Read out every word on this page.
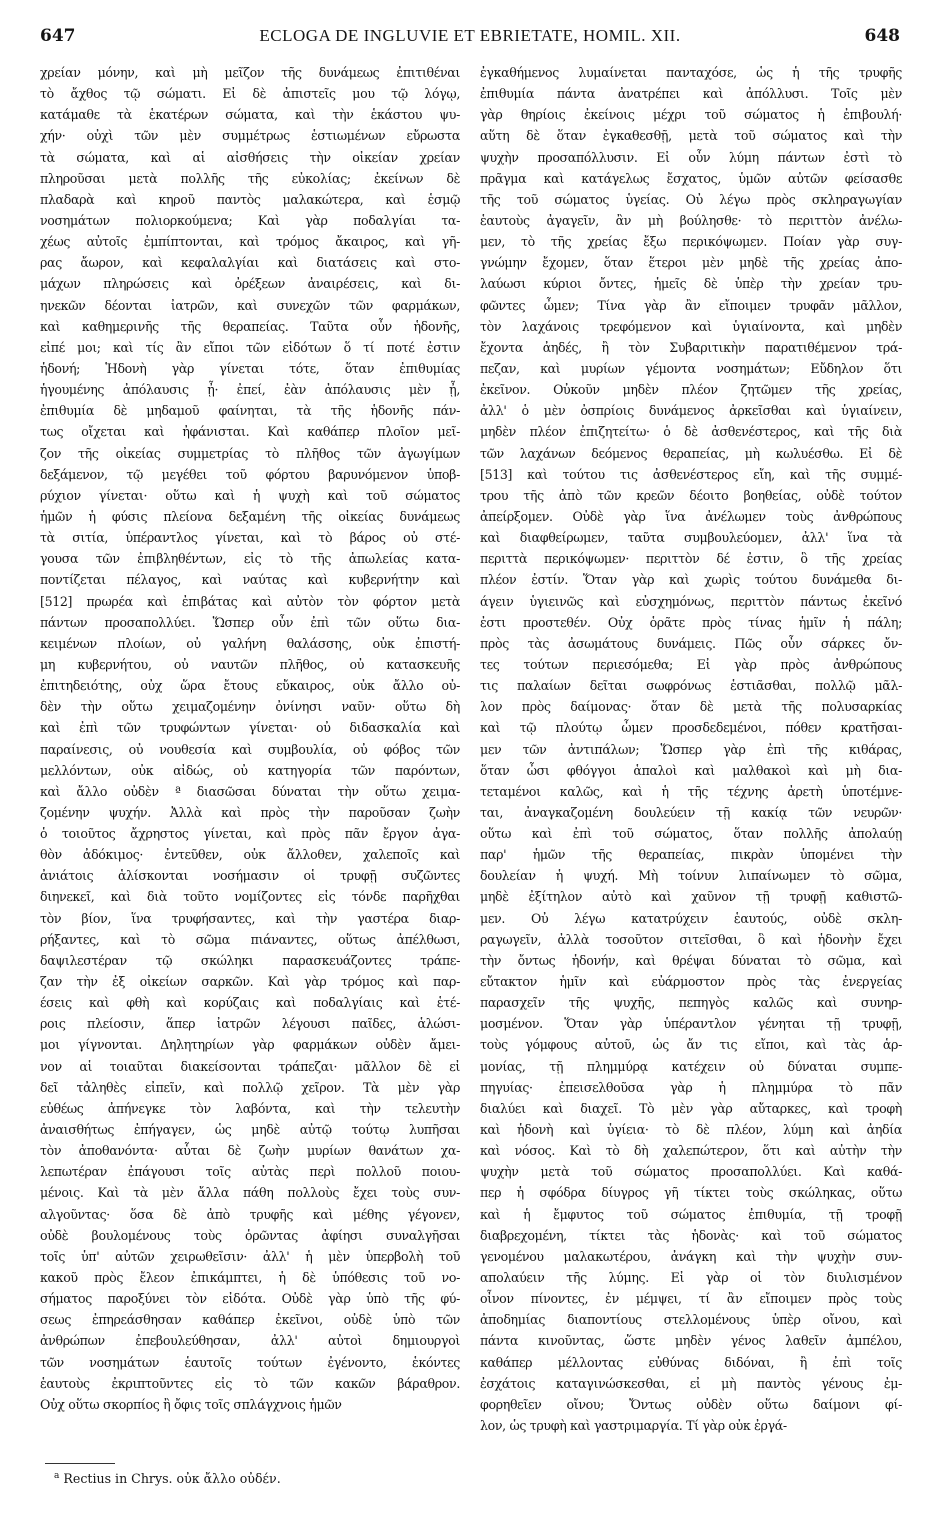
647	ECLOGA DE INGLUVIE ET EBRIETATE, HOMIL. XII.	648
χρείαν μόνην, καὶ μὴ μεῖζον τῆς δυνάμεως ἐπιτιθέναι
τὸ ἄχθος τῷ σώματι. Εἰ δὲ ἀπιστεῖς μου τῷ λόγῳ,
κατάμαθε τὰ ἑκατέρων σώματα, καὶ τὴν ἑκάστου ψυ-
χήν· οὐχὶ τῶν μὲν συμμέτρως ἑστιωμένων εὔρωστα
τὰ σώματα, καὶ αἱ αἰσθήσεις τὴν οἰκείαν χρείαν
πληροῦσαι μετὰ πολλῆς τῆς εὐκολίας; ἐκείνων δὲ
πλαδαρὰ καὶ κηροῦ παντὸς μαλακώτερα, καὶ ἑσμῷ
νοσημάτων πολιορκούμενα; Καὶ γὰρ ποδαλγίαι τα-
χέως αὐτοῖς ἐμπίπτονται, καὶ τρόμος ἄκαιρος, καὶ γῆ-
ρας ἄωρον, καὶ κεφαλαλγίαι καὶ διατάσεις καὶ στο-
μάχων πληρώσεις καὶ ὀρέξεων ἀναιρέσεις, καὶ δι-
ηνεκῶν δέονται ἰατρῶν, καὶ συνεχῶν τῶν φαρμάκων,
καὶ καθημερινῆς τῆς θεραπείας. Ταῦτα οὖν ἡδονῆς,
εἰπέ μοι; καὶ τίς ἂν εἴποι τῶν εἰδότων ὅ τί ποτέ ἐστιν
ἡδονή; Ἡδονὴ γὰρ γίνεται τότε, ὅταν ἐπιθυμίας
ἡγουμένης ἀπόλαυσις ᾖ· ἐπεί, ἐὰν ἀπόλαυσις μὲν ᾖ,
ἐπιθυμία δὲ μηδαμοῦ φαίνηται, τὰ τῆς ἡδονῆς πάν-
τως οἴχεται καὶ ἠφάνισται. Καὶ καθάπερ πλοῖον μεῖ-
ζον τῆς οἰκείας συμμετρίας τὸ πλῆθος τῶν ἀγωγίμων
δεξάμενον, τῷ μεγέθει τοῦ φόρτου βαρυνόμενον ὑποβ-
ρύχιον γίνεται· οὕτω καὶ ἡ ψυχὴ καὶ τοῦ σώματος
ἡμῶν ἡ φύσις πλείονα δεξαμένη τῆς οἰκείας δυνάμεως
τὰ σιτία, ὑπέραντλος γίνεται, καὶ τὸ βάρος οὐ στέ-
γουσα τῶν ἐπιβληθέντων, εἰς τὸ τῆς ἀπωλείας κατα-
ποντίζεται πέλαγος, καὶ ναύτας καὶ κυβερνήτην καὶ
[512] πρωρέα καὶ ἐπιβάτας καὶ αὐτὸν τὸν φόρτον μετὰ
πάντων προσαπολλύει. Ὥσπερ οὖν ἐπὶ τῶν οὕτω δια-
κειμένων πλοίων, οὐ γαλήνη θαλάσσης, οὐκ ἐπιστή-
μη κυβερνήτου, οὐ ναυτῶν πλῆθος, οὐ κατασκευῆς
ἐπιτηδειότης, οὐχ ὥρα ἔτους εὔκαιρος, οὐκ ἄλλο οὐ-
δὲν τὴν οὕτω χειμαζομένην ὀνίνησι ναῦν· οὕτω δὴ
καὶ ἐπὶ τῶν τρυφώντων γίνεται· οὐ διδασκαλία καὶ
παραίνεσις, οὐ νουθεσία καὶ συμβουλία, οὐ φόβος τῶν
μελλόντων, οὐκ αἰδώς, οὐ κατηγορία τῶν παρόντων,
καὶ ἄλλο οὐδὲν ª διασῶσαι δύναται τὴν οὕτω χειμα-
ζομένην ψυχήν. Ἀλλὰ καὶ πρὸς τὴν παροῦσαν ζωὴν
ὁ τοιοῦτος ἄχρηστος γίνεται, καὶ πρὸς πᾶν ἔργον ἀγα-
θὸν ἀδόκιμος· ἐντεῦθεν, οὐκ ἄλλοθεν, χαλεποῖς καὶ
ἀνιάτοις ἁλίσκονται νοσήμασιν οἱ τρυφῇ συζῶντες
διηνεκεῖ, καὶ διὰ τοῦτο νομίζοντες εἰς τόνδε παρῆχθαι
τὸν βίον, ἵνα τρυφήσαντες, καὶ τὴν γαστέρα διαρ-
ρήξαντες, καὶ τὸ σῶμα πιάναντες, οὕτως ἀπέλθωσι,
δαψιλεστέραν τῷ σκώληκι παρασκευάζοντες τράπε-
ζαν τὴν ἐξ οἰκείων σαρκῶν. Καὶ γὰρ τρόμος καὶ παρ-
έσεις καὶ φθὴ καὶ κορύζαις καὶ ποδαλγίαις καὶ ἑτέ-
ροις πλείοσιν, ἅπερ ἰατρῶν λέγουσι παῖδες, ἁλώσι-
μοι γίγνονται. Δηλητηρίων γὰρ φαρμάκων οὐδὲν ἄμει-
νον αἱ τοιαῦται διακείσονται τράπεζαι· μᾶλλον δὲ εἰ
δεῖ τἀληθὲς εἰπεῖν, καὶ πολλῷ χεῖρον. Τὰ μὲν γὰρ
εὐθέως ἀπήνεγκε τὸν λαβόντα, καὶ τὴν τελευτὴν
ἀναισθήτως ἐπήγαγεν, ὡς μηδὲ αὐτῷ τούτῳ λυπῆσαι
τὸν ἀποθανόντα· αὗται δὲ ζωὴν μυρίων θανάτων χα-
λεπωτέραν ἐπάγουσι τοῖς αὐτὰς περὶ πολλοῦ ποιου-
μένοις. Καὶ τὰ μὲν ἄλλα πάθη πολλοὺς ἔχει τοὺς συν-
αλγοῦντας· ὅσα δὲ ἀπὸ τρυφῆς καὶ μέθης γέγονεν,
οὐδὲ βουλομένους τοὺς ὁρῶντας ἀφίησι συναλγῆσαι
τοῖς ὑπ' αὐτῶν χειρωθεῖσιν· ἀλλ' ἡ μὲν ὑπερβολὴ τοῦ
κακοῦ πρὸς ἔλεον ἐπικάμπτει, ἡ δὲ ὑπόθεσις τοῦ νο-
σήματος παροξύνει τὸν εἰδότα. Οὐδὲ γὰρ ὑπὸ τῆς φύ-
σεως ἐπηρεάσθησαν καθάπερ ἐκεῖνοι, οὐδὲ ὑπὸ τῶν
ἀνθρώπων ἐπεβουλεύθησαν, ἀλλ' αὐτοὶ δημιουργοὶ
τῶν νοσημάτων ἑαυτοῖς τούτων ἐγένοντο, ἑκόντες
ἑαυτοὺς ἐκριπτοῦντες εἰς τὸ τῶν κακῶν βάραθρον.
Οὐχ οὕτω σκορπίος ἢ ὄφις τοῖς σπλάγχνοις ἡμῶν
ἐγκαθήμενος λυμαίνεται πανταχόσε, ὡς ἡ τῆς τρυφῆς
ἐπιθυμία πάντα ἀνατρέπει καὶ ἀπόλλυσι. Τοῖς μὲν
γὰρ θηρίοις ἐκείνοις μέχρι τοῦ σώματος ἡ ἐπιβουλή·
αὕτη δὲ ὅταν ἐγκαθεσθῇ, μετὰ τοῦ σώματος καὶ τὴν
ψυχὴν προσαπόλλυσιν. Εἰ οὖν λύμη πάντων ἐστὶ τὸ
πρᾶγμα καὶ κατάγελως ἔσχατος, ὑμῶν αὐτῶν φείσασθε
τῆς τοῦ σώματος ὑγείας. Οὐ λέγω πρὸς σκληραγωγίαν
ἑαυτοὺς ἀγαγεῖν, ἂν μὴ βούλησθε· τὸ περιττὸν ἀνέλω-
μεν, τὸ τῆς χρείας ἔξω περικόψωμεν. Ποίαν γὰρ συγ-
γνώμην ἔχομεν, ὅταν ἕτεροι μὲν μηδὲ τῆς χρείας ἀπο-
λαύωσι κύριοι ὄντες, ἡμεῖς δὲ ὑπὲρ τὴν χρείαν τρυ-
φῶντες ὦμεν; Τίνα γὰρ ἂν εἴποιμεν τρυφᾶν μᾶλλον,
τὸν λαχάνοις τρεφόμενον καὶ ὑγιαίνοντα, καὶ μηδὲν
ἔχοντα ἀηδές, ἢ τὸν Συβαριτικὴν παρατιθέμενον τρά-
πεζαν, καὶ μυρίων γέμοντα νοσημάτων; Εὔδηλον ὅτι
ἐκεῖνον. Οὐκοῦν μηδὲν πλέον ζητῶμεν τῆς χρείας,
ἀλλ' ὁ μὲν ὀσπρίοις δυνάμενος ἀρκεῖσθαι καὶ ὑγιαίνειν,
μηδὲν πλέον ἐπιζητείτω· ὁ δὲ ἀσθενέστερος, καὶ τῆς διὰ
τῶν λαχάνων δεόμενος θεραπείας, μὴ κωλυέσθω. Εἰ δὲ
[513] καὶ τούτου τις ἀσθενέστερος εἴη, καὶ τῆς συμμέ-
τρου τῆς ἀπὸ τῶν κρεῶν δέοιτο βοηθείας, οὐδὲ τούτον
ἀπείρξομεν. Οὐδὲ γὰρ ἵνα ἀνέλωμεν τοὺς ἀνθρώπους
καὶ διαφθείρωμεν, ταῦτα συμβουλεύομεν, ἀλλ' ἵνα τὰ
περιττὰ περικόψωμεν· περιττὸν δέ ἐστιν, ὃ τῆς χρείας
πλέον ἐστίν. Ὅταν γὰρ καὶ χωρὶς τούτου δυνάμεθα δι-
άγειν ὑγιεινῶς καὶ εὐσχημόνως, περιττὸν πάντως ἐκεῖνό
ἐστι προστεθέν. Οὐχ ὁρᾶτε πρὸς τίνας ἡμῖν ἡ πάλη;
πρὸς τὰς ἀσωμάτους δυνάμεις. Πῶς οὖν σάρκες ὄν-
τες τούτων περιεσόμεθα; Εἰ γὰρ πρὸς ἀνθρώπους
τις παλαίων δεῖται σωφρόνως ἑστιᾶσθαι, πολλῷ μᾶλ-
λον πρὸς δαίμονας· ὅταν δὲ μετὰ τῆς πολυσαρκίας
καὶ τῷ πλούτῳ ὦμεν προσδεδεμένοι, πόθεν κρατῆσαι-
μεν τῶν ἀντιπάλων; Ὥσπερ γὰρ ἐπὶ τῆς κιθάρας,
ὅταν ὦσι φθόγγοι ἁπαλοὶ καὶ μαλθακοὶ καὶ μὴ δια-
τεταμένοι καλῶς, καὶ ἡ τῆς τέχνης ἀρετὴ ὑποτέμνε-
ται, ἀναγκαζομένη δουλεύειν τῇ κακίᾳ τῶν νευρῶν·
οὕτω καὶ ἐπὶ τοῦ σώματος, ὅταν πολλῆς ἀπολαύῃ
παρ' ἡμῶν τῆς θεραπείας, πικρὰν ὑπομένει τὴν
δουλείαν ἡ ψυχή. Μὴ τοίνυν λιπαίνωμεν τὸ σῶμα,
μηδὲ ἐξίτηλον αὐτὸ καὶ χαῦνον τῇ τρυφῇ καθιστῶ-
μεν. Οὐ λέγω κατατρύχειν ἑαυτούς, οὐδὲ σκλη-
ραγωγεῖν, ἀλλὰ τοσοῦτον σιτεῖσθαι, ὃ καὶ ἡδονὴν ἔχει
τὴν ὄντως ἡδονήν, καὶ θρέψαι δύναται τὸ σῶμα, καὶ
εὔτακτον ἡμῖν καὶ εὐάρμοστον πρὸς τὰς ἐνεργείας
παρασχεῖν τῆς ψυχῆς, πεπηγὸς καλῶς καὶ συνηρ-
μοσμένον. Ὅταν γὰρ ὑπέραντλον γένηται τῇ τρυφῇ,
τοὺς γόμφους αὐτοῦ, ὡς ἄν τις εἴποι, καὶ τὰς ἁρ-
μονίας, τῇ πλημμύρᾳ κατέχειν οὐ δύναται συμπε-
πηγυίας· ἐπεισελθοῦσα γὰρ ἡ πλημμύρα τὸ πᾶν
διαλύει καὶ διαχεῖ. Τὸ μὲν γὰρ αὔταρκες, καὶ τροφὴ
καὶ ἡδονὴ καὶ ὑγίεια· τὸ δὲ πλέον, λύμη καὶ ἀηδία
καὶ νόσος. Καὶ τὸ δὴ χαλεπώτερον, ὅτι καὶ αὐτὴν τὴν
ψυχὴν μετὰ τοῦ σώματος προσαπολλύει. Καὶ καθά-
περ ἡ σφόδρα δίυγρος γῆ τίκτει τοὺς σκώληκας, οὕτω
καὶ ἡ ἔμφυτος τοῦ σώματος ἐπιθυμία, τῇ τροφῇ
διαβρεχομένη, τίκτει τὰς ἡδονὰς· καὶ τοῦ σώματος
γενομένου μαλακωτέρου, ἀνάγκη καὶ τὴν ψυχὴν συν-
απολαύειν τῆς λύμης. Εἰ γὰρ οἱ τὸν διυλισμένον
οἶνον πίνοντες, ἐν μέμψει, τί ἂν εἴποιμεν πρὸς τοὺς
ἀποδημίας διαποντίους στελλομένους ὑπὲρ οἴνου, καὶ
πάντα κινοῦντας, ὥστε μηδὲν γένος λαθεῖν ἀμπέλου,
καθάπερ μέλλοντας εὐθύνας διδόναι, ἢ ἐπὶ τοῖς
ἐσχάτοις καταγινώσκεσθαι, εἰ μὴ παντὸς γένους ἐμ-
φορηθεῖεν οἴνου; Ὄντως οὐδὲν οὕτω δαίμονι φί-
λον, ὡς τρυφὴ καὶ γαστριμαργία. Τί γὰρ οὐκ ἐργά-
$^a$ Rectius in Chrys. οὐκ ἄλλο οὐδέν.
